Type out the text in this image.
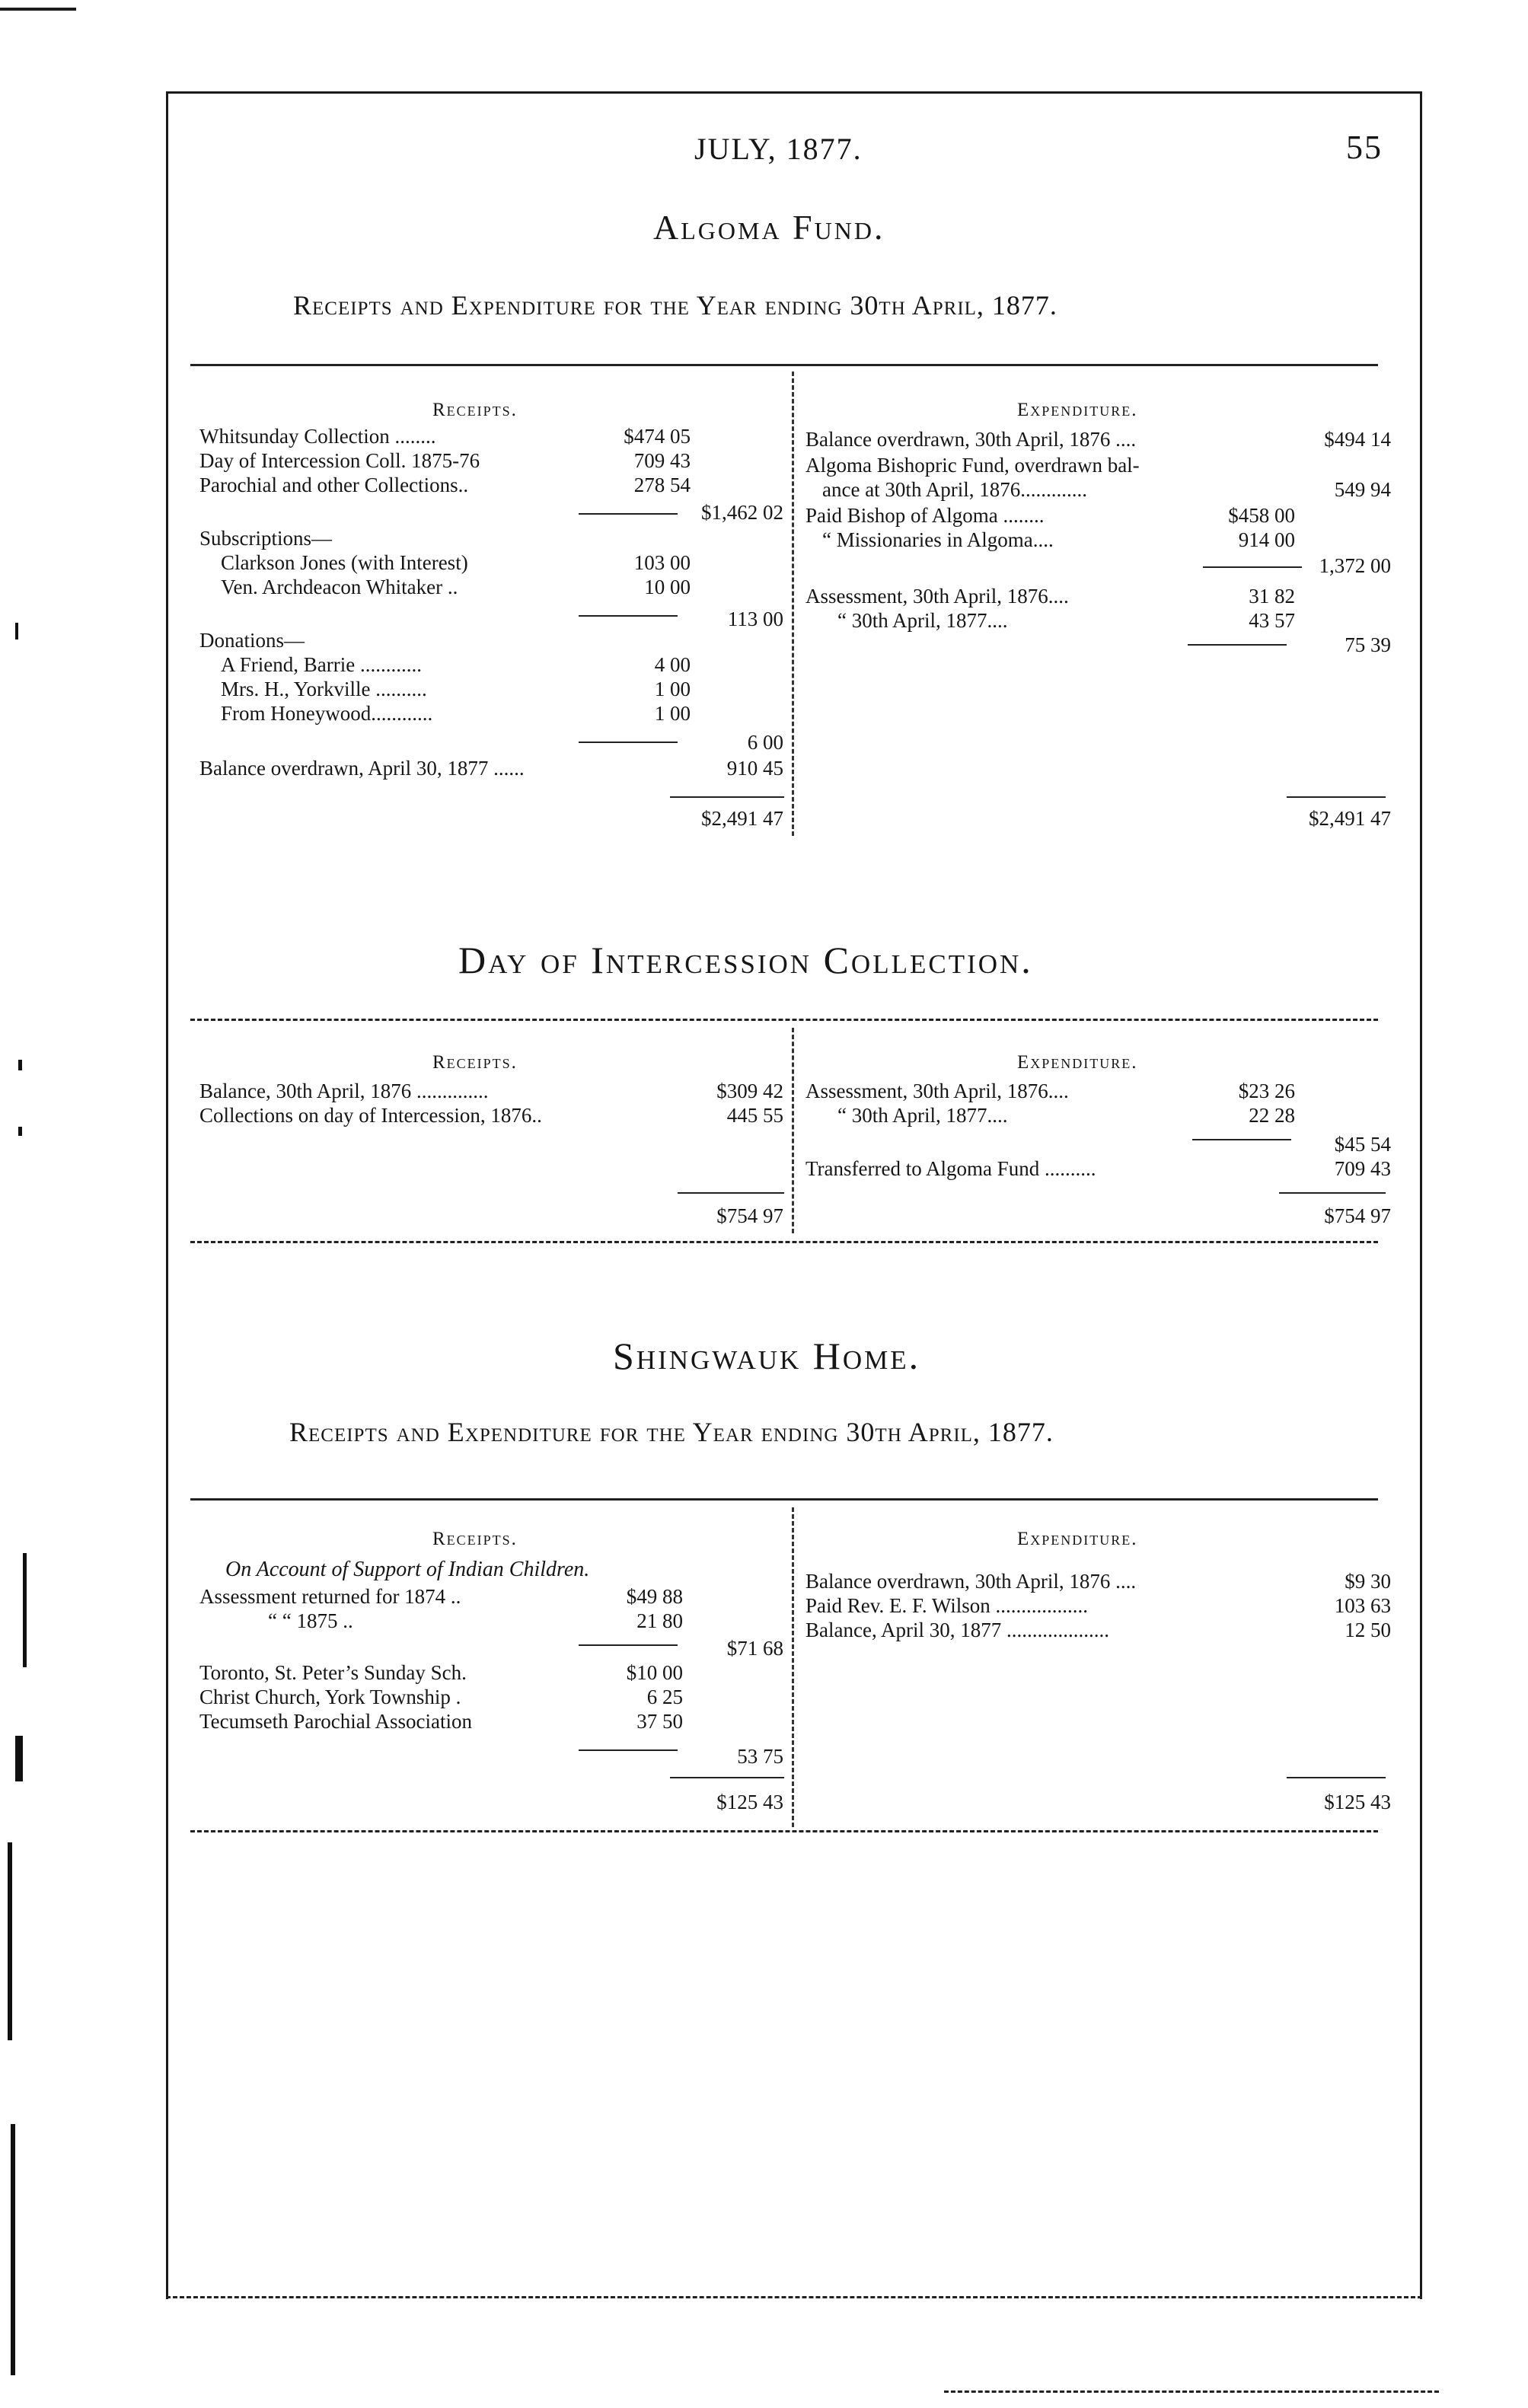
JULY, 1877.	55
Algoma Fund.
Receipts and Expenditure for the Year ending 30th April, 1877.
Receipts.
Whitsunday Collection ........	$474 05
Day of Intercession Coll. 1875-76	709 43
Parochial and other Collections..	278 54
$1,462 02
Subscriptions—
Clarkson Jones (with Interest)	103 00
Ven. Archdeacon Whitaker ..	10 00
113 00
Donations—
A Friend, Barrie ............	4 00
Mrs. H., Yorkville ..........	1 00
From Honeywood............	1 00
6 00
Balance overdrawn, April 30, 1877 ......	910 45
$2,491 47
Expenditure.
Balance overdrawn, 30th April, 1876 ....	$494 14
Algoma Bishopric Fund, overdrawn bal-
ance at 30th April, 1876.............	549 94
Paid Bishop of Algoma ........	$458 00
“ Missionaries in Algoma....	914 00
1,372 00
Assessment, 30th April, 1876....	31 82
“ 30th April, 1877....	43 57
75 39
$2,491 47
Day of Intercession Collection.
Receipts.
Balance, 30th April, 1876 ..............	$309 42
Collections on day of Intercession, 1876..	445 55
$754 97
Expenditure.
Assessment, 30th April, 1876....	$23 26
“ 30th April, 1877....	22 28
$45 54
Transferred to Algoma Fund ..........	709 43
$754 97
Shingwauk Home.
Receipts and Expenditure for the Year ending 30th April, 1877.
Receipts.
On Account of Support of Indian Children.
Assessment returned for 1874 ..	$49 88
“ “ 1875 ..	21 80
$71 68
Toronto, St. Peter’s Sunday Sch.	$10 00
Christ Church, York Township .	6 25
Tecumseth Parochial Association	37 50
53 75
$125 43
Expenditure.
Balance overdrawn, 30th April, 1876 ....	$9 30
Paid Rev. E. F. Wilson ..................	103 63
Balance, April 30, 1877 ....................	12 50
$125 43
